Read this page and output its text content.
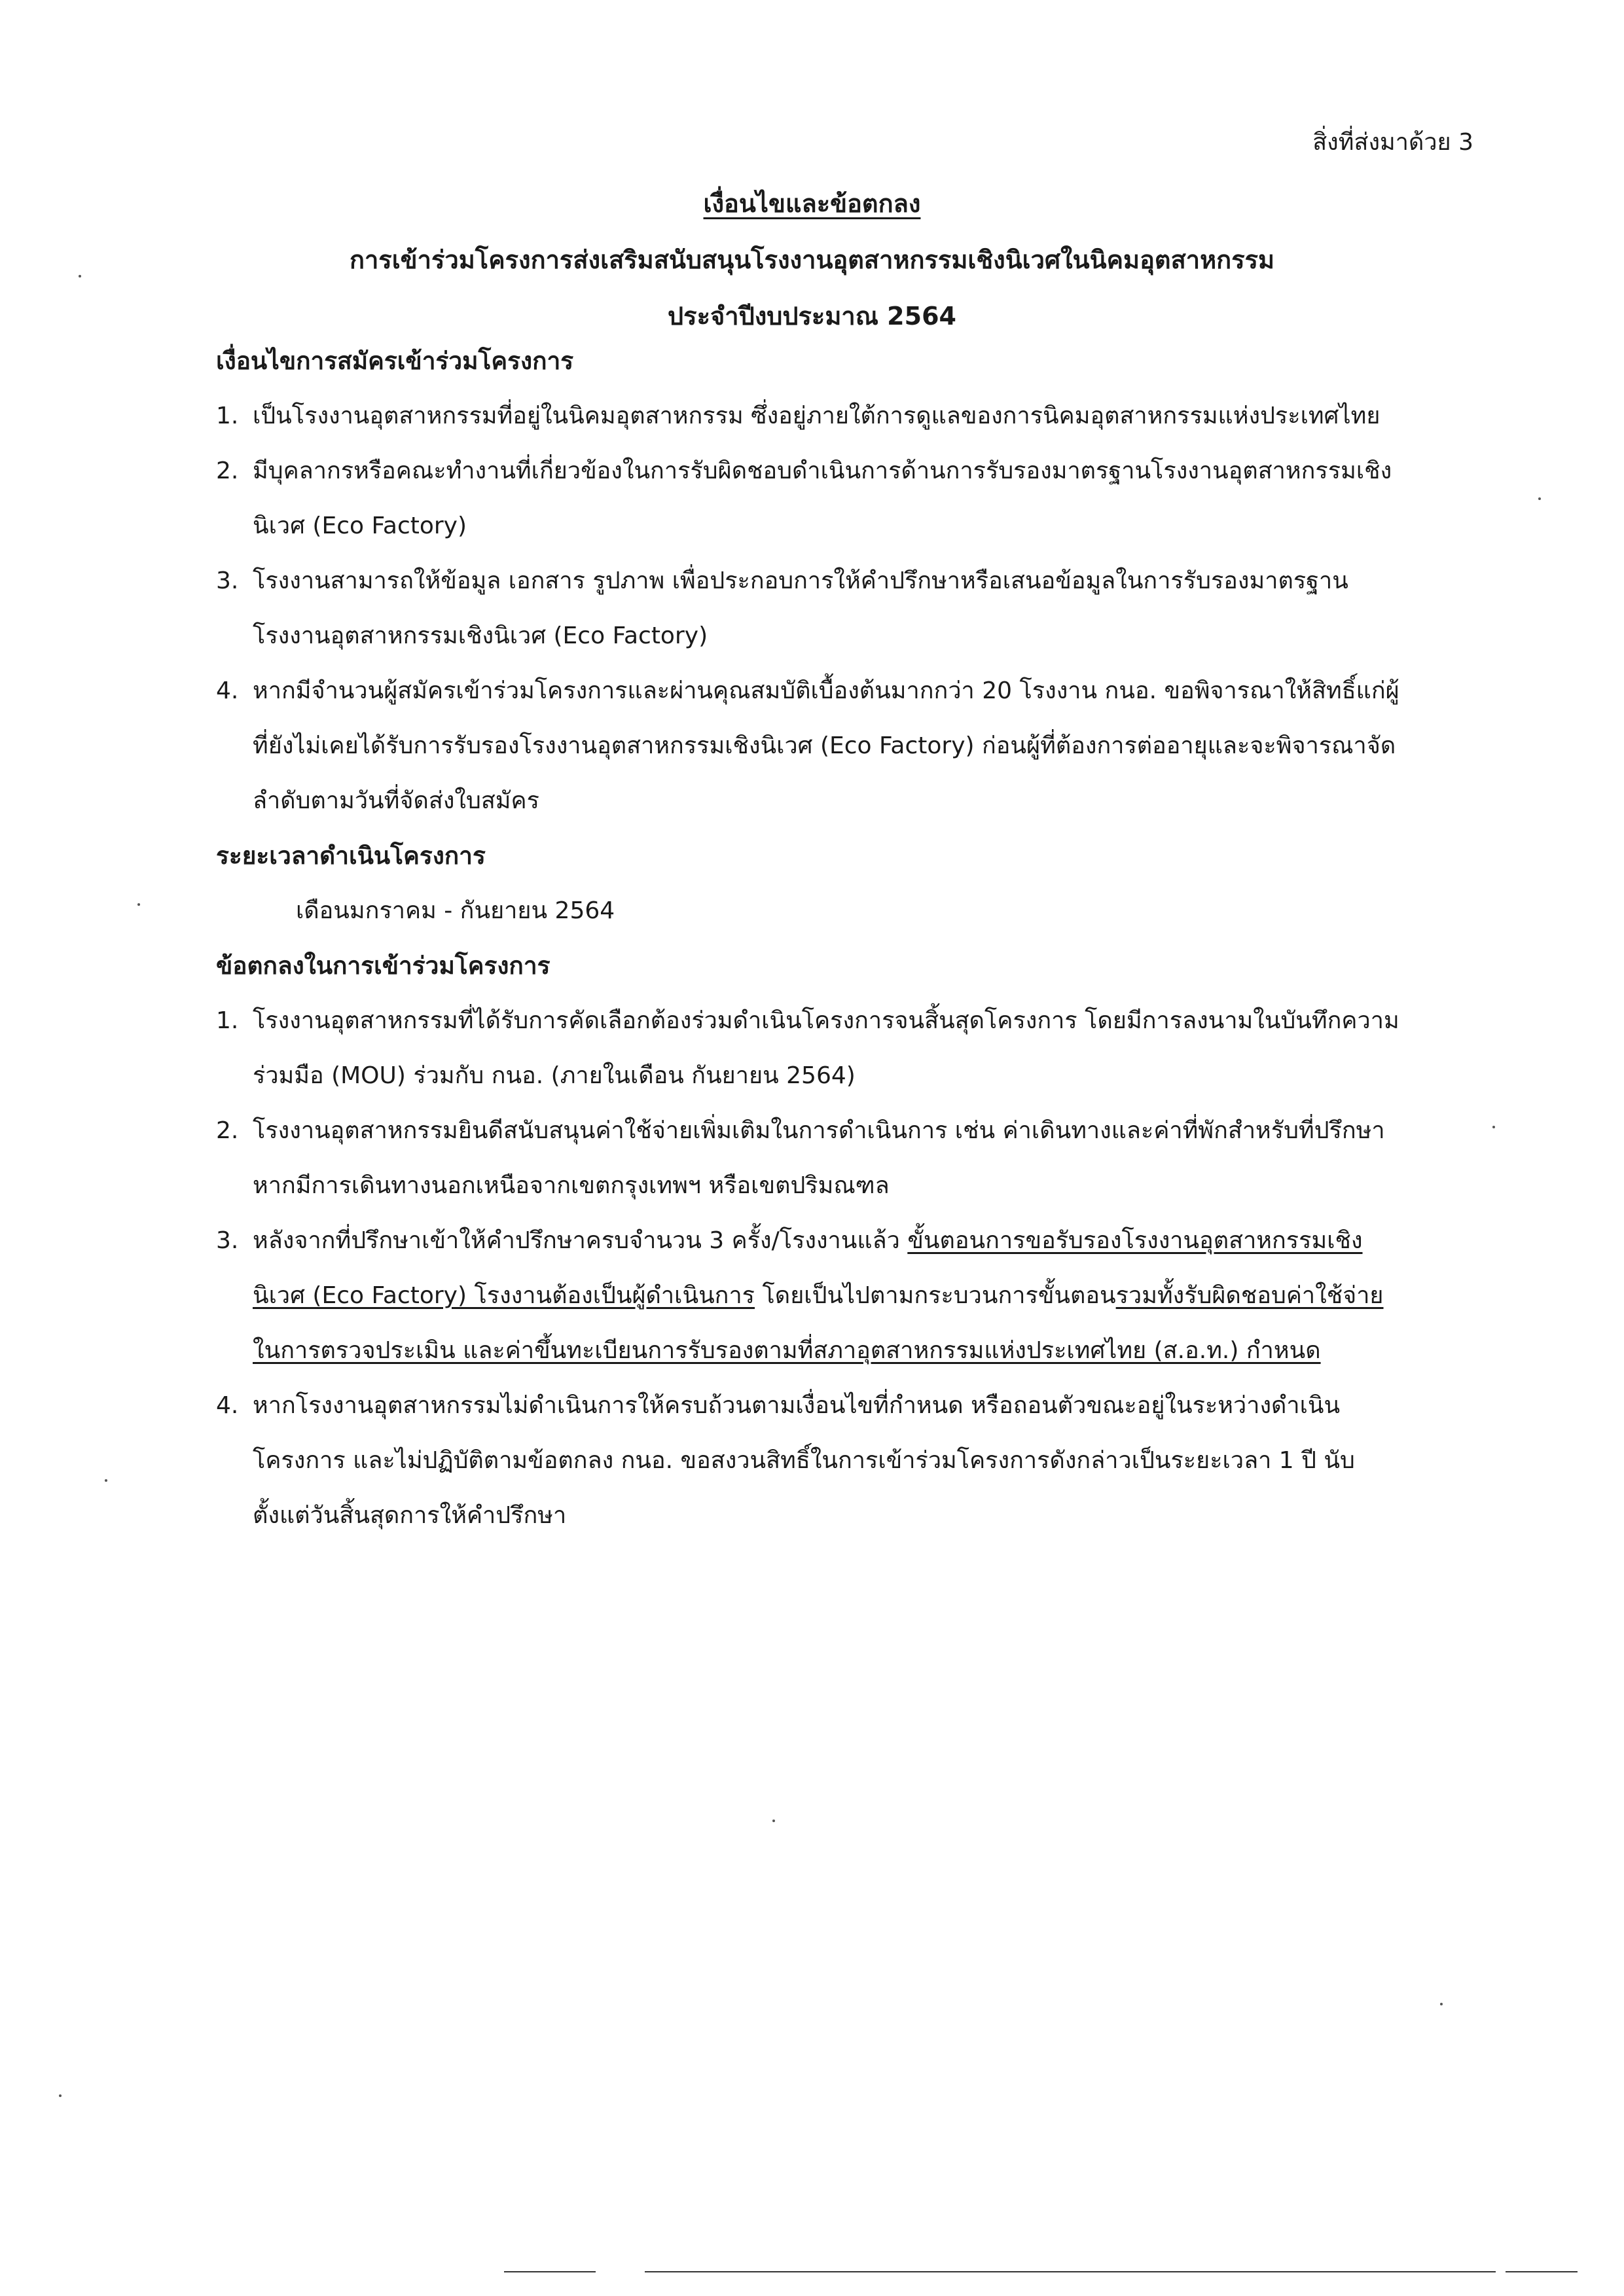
สิ่งที่ส่งมาด้วย 3
เงื่อนไขและข้อตกลง
การเข้าร่วมโครงการส่งเสริมสนับสนุนโรงงานอุตสาหกรรมเชิงนิเวศในนิคมอุตสาหกรรม
ประจำปีงบประมาณ 2564
เงื่อนไขการสมัครเข้าร่วมโครงการ
1. เป็นโรงงานอุตสาหกรรมที่อยู่ในนิคมอุตสาหกรรม ซึ่งอยู่ภายใต้การดูแลของการนิคมอุตสาหกรรมแห่งประเทศไทย
2. มีบุคลากรหรือคณะทำงานที่เกี่ยวข้องในการรับผิดชอบดำเนินการด้านการรับรองมาตรฐานโรงงานอุตสาหกรรมเชิงนิเวศ (Eco Factory)
3. โรงงานสามารถให้ข้อมูล เอกสาร รูปภาพ เพื่อประกอบการให้คำปรึกษาหรือเสนอข้อมูลในการรับรองมาตรฐานโรงงานอุตสาหกรรมเชิงนิเวศ (Eco Factory)
4. หากมีจำนวนผู้สมัครเข้าร่วมโครงการและผ่านคุณสมบัติเบื้องต้นมากกว่า 20 โรงงาน กนอ. ขอพิจารณาให้สิทธิ์แก่ผู้ที่ยังไม่เคยได้รับการรับรองโรงงานอุตสาหกรรมเชิงนิเวศ (Eco Factory) ก่อนผู้ที่ต้องการต่ออายุและจะพิจารณาจัดลำดับตามวันที่จัดส่งใบสมัคร
ระยะเวลาดำเนินโครงการ
เดือนมกราคม - กันยายน 2564
ข้อตกลงในการเข้าร่วมโครงการ
1. โรงงานอุตสาหกรรมที่ได้รับการคัดเลือกต้องร่วมดำเนินโครงการจนสิ้นสุดโครงการ โดยมีการลงนามในบันทึกความร่วมมือ (MOU) ร่วมกับ กนอ. (ภายในเดือน กันยายน 2564)
2. โรงงานอุตสาหกรรมยินดีสนับสนุนค่าใช้จ่ายเพิ่มเติมในการดำเนินการ เช่น ค่าเดินทางและค่าที่พักสำหรับที่ปรึกษา หากมีการเดินทางนอกเหนือจากเขตกรุงเทพฯ หรือเขตปริมณฑล
3. หลังจากที่ปรึกษาเข้าให้คำปรึกษาครบจำนวน 3 ครั้ง/โรงงานแล้ว ขั้นตอนการขอรับรองโรงงานอุตสาหกรรมเชิงนิเวศ (Eco Factory) โรงงานต้องเป็นผู้ดำเนินการ โดยเป็นไปตามกระบวนการขั้นตอนรวมทั้งรับผิดชอบค่าใช้จ่ายในการตรวจประเมิน และค่าขึ้นทะเบียนการรับรองตามที่สภาอุตสาหกรรมแห่งประเทศไทย (ส.อ.ท.) กำหนด
4. หากโรงงานอุตสาหกรรมไม่ดำเนินการให้ครบถ้วนตามเงื่อนไขที่กำหนด หรือถอนตัวขณะอยู่ในระหว่างดำเนินโครงการ และไม่ปฏิบัติตามข้อตกลง กนอ. ขอสงวนสิทธิ์ในการเข้าร่วมโครงการดังกล่าวเป็นระยะเวลา 1 ปี นับตั้งแต่วันสิ้นสุดการให้คำปรึกษา
